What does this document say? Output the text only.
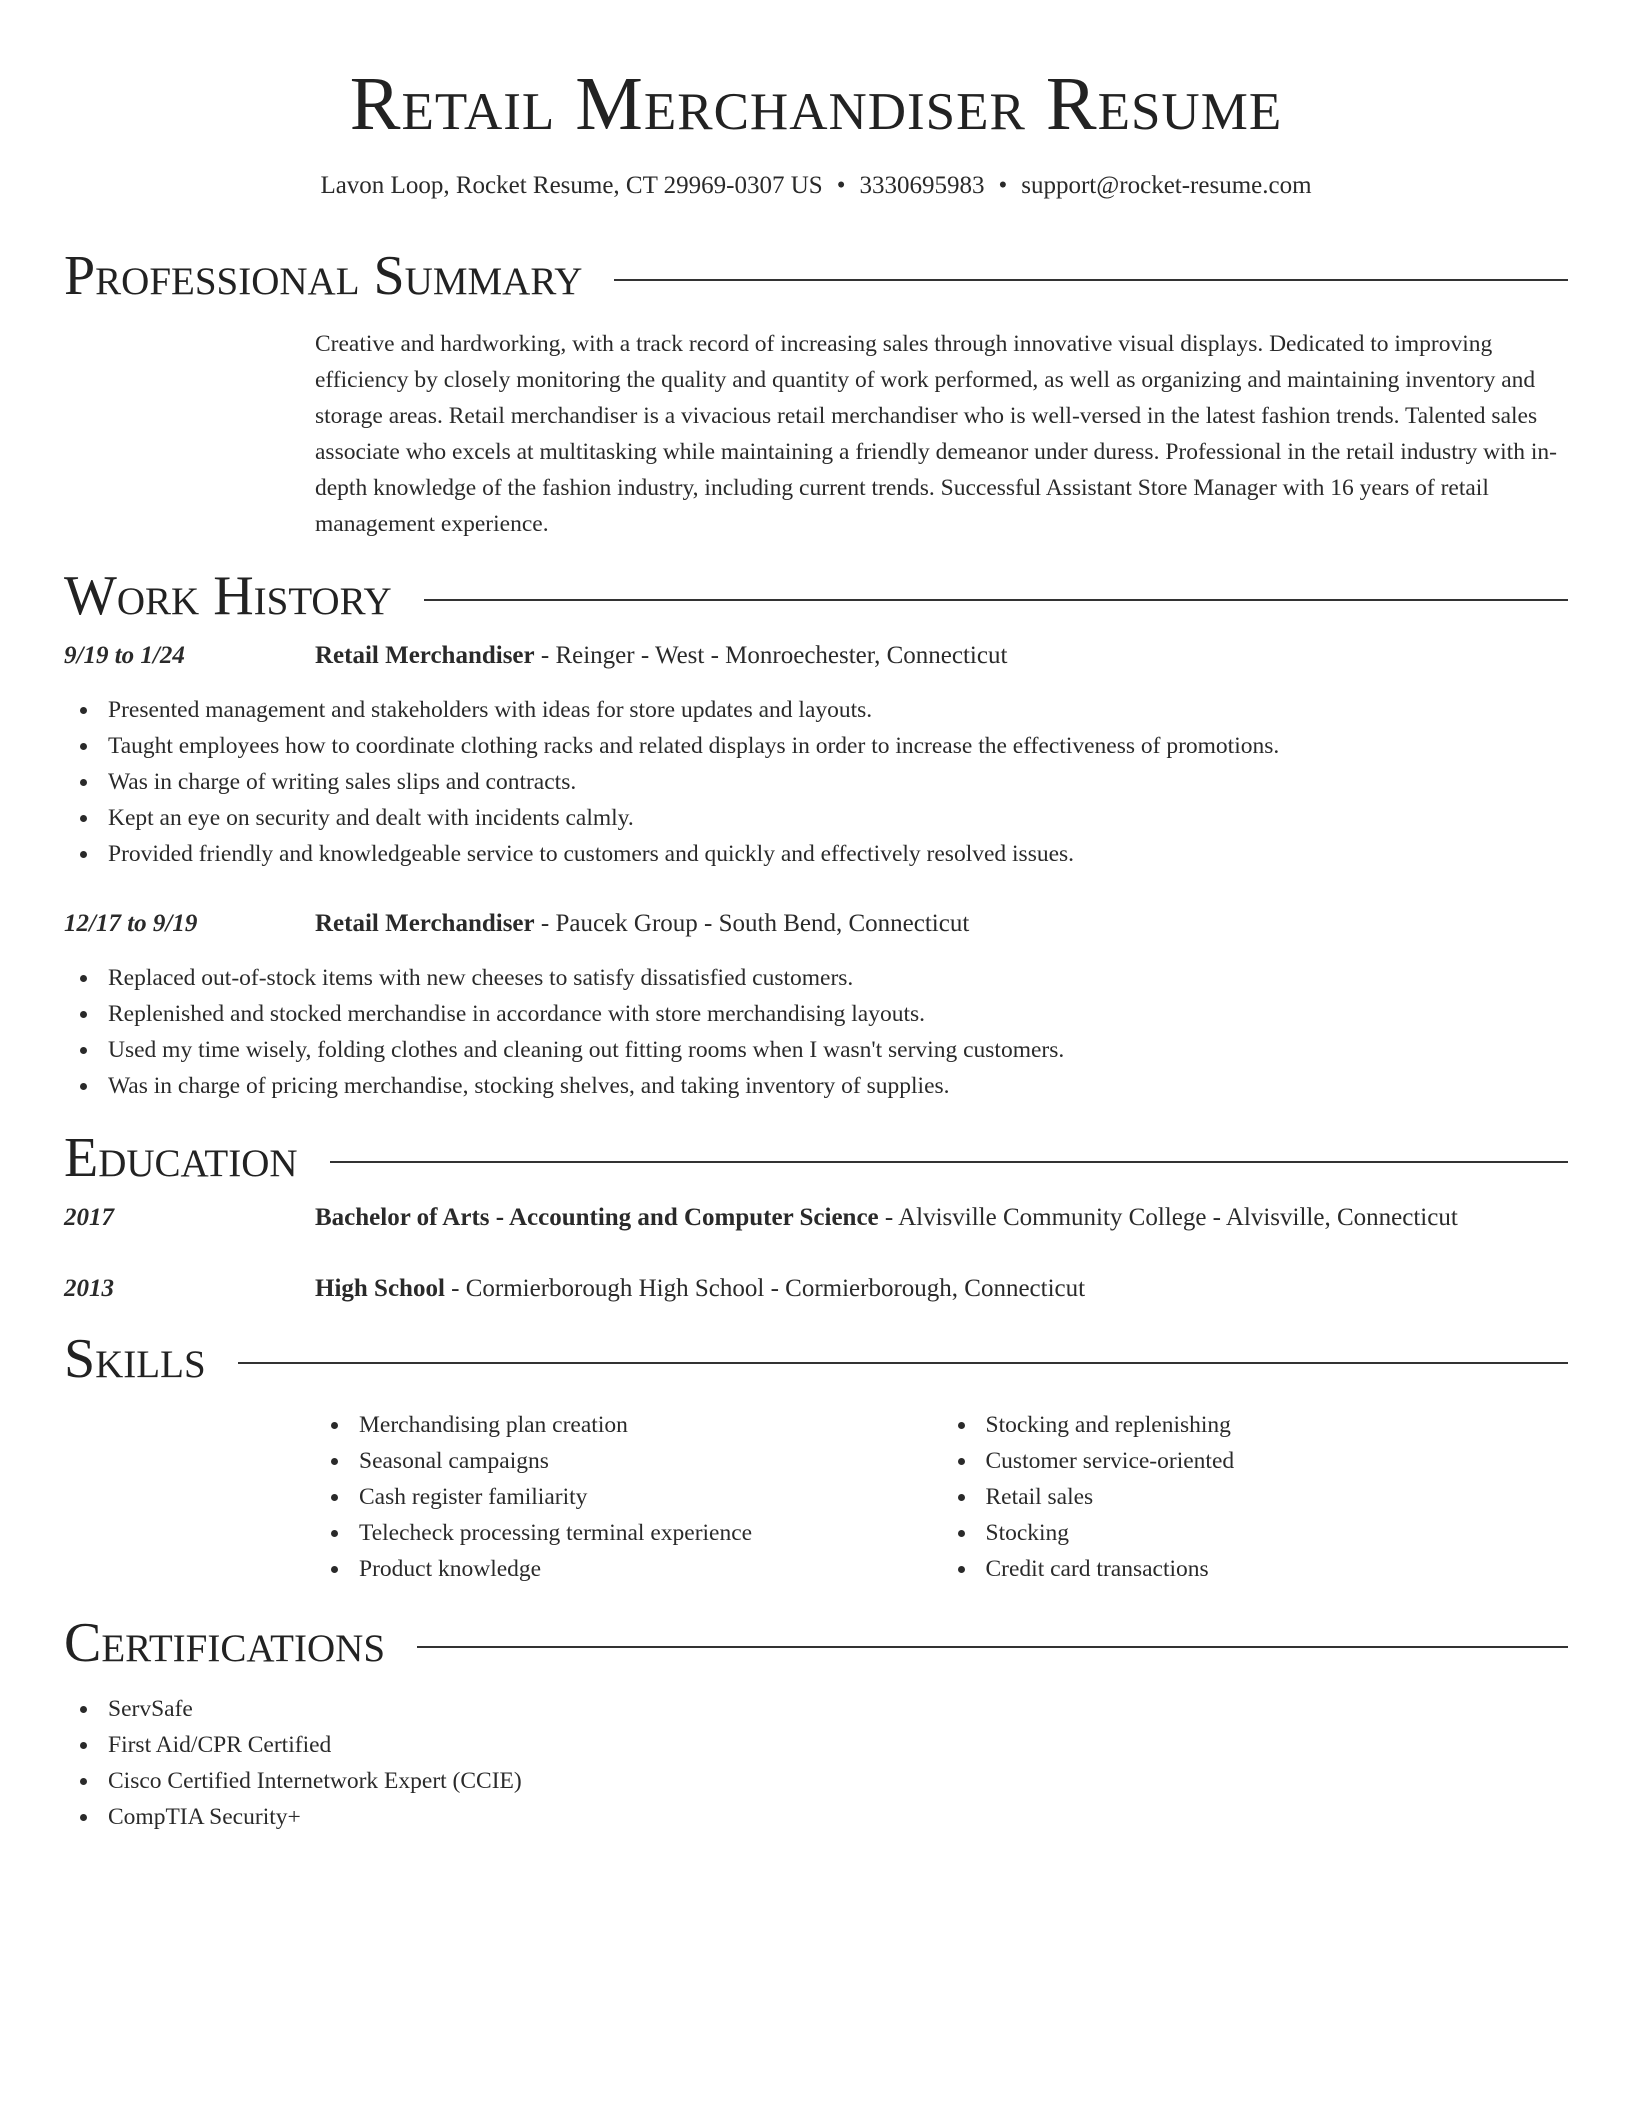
Retail Merchandiser Resume
Lavon Loop, Rocket Resume, CT 29969-0307 US • 3330695983 • support@rocket-resume.com
Professional Summary
Creative and hardworking, with a track record of increasing sales through innovative visual displays. Dedicated to improving efficiency by closely monitoring the quality and quantity of work performed, as well as organizing and maintaining inventory and storage areas. Retail merchandiser is a vivacious retail merchandiser who is well-versed in the latest fashion trends. Talented sales associate who excels at multitasking while maintaining a friendly demeanor under duress. Professional in the retail industry with in-depth knowledge of the fashion industry, including current trends. Successful Assistant Store Manager with 16 years of retail management experience.
Work History
9/19 to 1/24	Retail Merchandiser - Reinger - West - Monroechester, Connecticut
Presented management and stakeholders with ideas for store updates and layouts.
Taught employees how to coordinate clothing racks and related displays in order to increase the effectiveness of promotions.
Was in charge of writing sales slips and contracts.
Kept an eye on security and dealt with incidents calmly.
Provided friendly and knowledgeable service to customers and quickly and effectively resolved issues.
12/17 to 9/19	Retail Merchandiser - Paucek Group - South Bend, Connecticut
Replaced out-of-stock items with new cheeses to satisfy dissatisfied customers.
Replenished and stocked merchandise in accordance with store merchandising layouts.
Used my time wisely, folding clothes and cleaning out fitting rooms when I wasn't serving customers.
Was in charge of pricing merchandise, stocking shelves, and taking inventory of supplies.
Education
2017	Bachelor of Arts - Accounting and Computer Science - Alvisville Community College - Alvisville, Connecticut
2013	High School - Cormierborough High School - Cormierborough, Connecticut
Skills
Merchandising plan creation
Seasonal campaigns
Cash register familiarity
Telecheck processing terminal experience
Product knowledge
Stocking and replenishing
Customer service-oriented
Retail sales
Stocking
Credit card transactions
Certifications
ServSafe
First Aid/CPR Certified
Cisco Certified Internetwork Expert (CCIE)
CompTIA Security+
